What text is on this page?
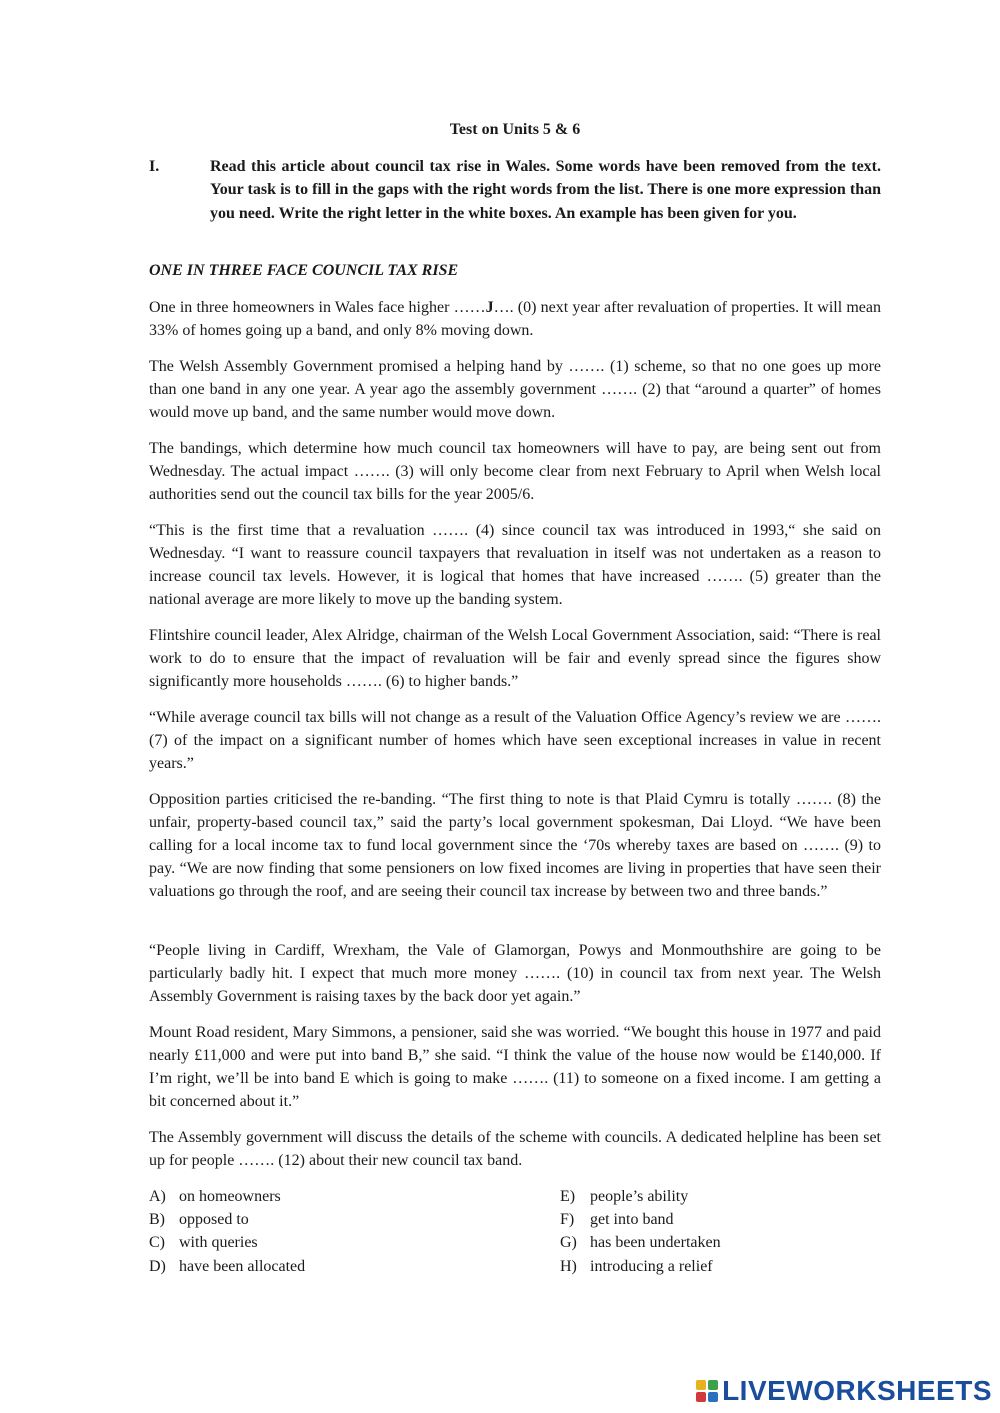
Test on Units 5 & 6
I.	Read this article about council tax rise in Wales. Some words have been removed from the text. Your task is to fill in the gaps with the right words from the list. There is one more expression than you need. Write the right letter in the white boxes. An example has been given for you.
ONE IN THREE FACE COUNCIL TAX RISE
One in three homeowners in Wales face higher ……J…. (0) next year after revaluation of properties. It will mean 33% of homes going up a band, and only 8% moving down.
The Welsh Assembly Government promised a helping hand by ……. (1) scheme, so that no one goes up more than one band in any one year. A year ago the assembly government ……. (2) that “around a quarter” of homes would move up band, and the same number would move down.
The bandings, which determine how much council tax homeowners will have to pay, are being sent out from Wednesday. The actual impact ……. (3) will only become clear from next February to April when Welsh local authorities send out the council tax bills for the year 2005/6.
“This is the first time that a revaluation ……. (4) since council tax was introduced in 1993,“ she said on Wednesday. “I want to reassure council taxpayers that revaluation in itself was not undertaken as a reason to increase council tax levels. However, it is logical that homes that have increased ……. (5) greater than the national average are more likely to move up the banding system.
Flintshire council leader, Alex Alridge, chairman of the Welsh Local Government Association, said: “There is real work to do to ensure that the impact of revaluation will be fair and evenly spread since the figures show significantly more households ……. (6) to higher bands.”
“While average council tax bills will not change as a result of the Valuation Office Agency’s review we are ……. (7) of the impact on a significant number of homes which have seen exceptional increases in value in recent years.”
Opposition parties criticised the re-banding. “The first thing to note is that Plaid Cymru is totally ……. (8) the unfair, property-based council tax,” said the party’s local government spokesman, Dai Lloyd. “We have been calling for a local income tax to fund local government since the ‘70s whereby taxes are based on ……. (9) to pay. “We are now finding that some pensioners on low fixed incomes are living in properties that have seen their valuations go through the roof, and are seeing their council tax increase by between two and three bands.”
“People living in Cardiff, Wrexham, the Vale of Glamorgan, Powys and Monmouthshire are going to be particularly badly hit. I expect that much more money ……. (10) in council tax from next year. The Welsh Assembly Government is raising taxes by the back door yet again.”
Mount Road resident, Mary Simmons, a pensioner, said she was worried. “We bought this house in 1977 and paid nearly £11,000 and were put into band B,” she said. “I think the value of the house now would be £140,000. If I’m right, we’ll be into band E which is going to make ……. (11) to someone on a fixed income. I am getting a bit concerned about it.”
The Assembly government will discuss the details of the scheme with councils. A dedicated helpline has been set up for people ……. (12) about their new council tax band.
A) on homeowners
B) opposed to
C) with queries
D) have been allocated
E) people’s ability
F) get into band
G) has been undertaken
H) introducing a relief
LIVEWORKSHEETS
